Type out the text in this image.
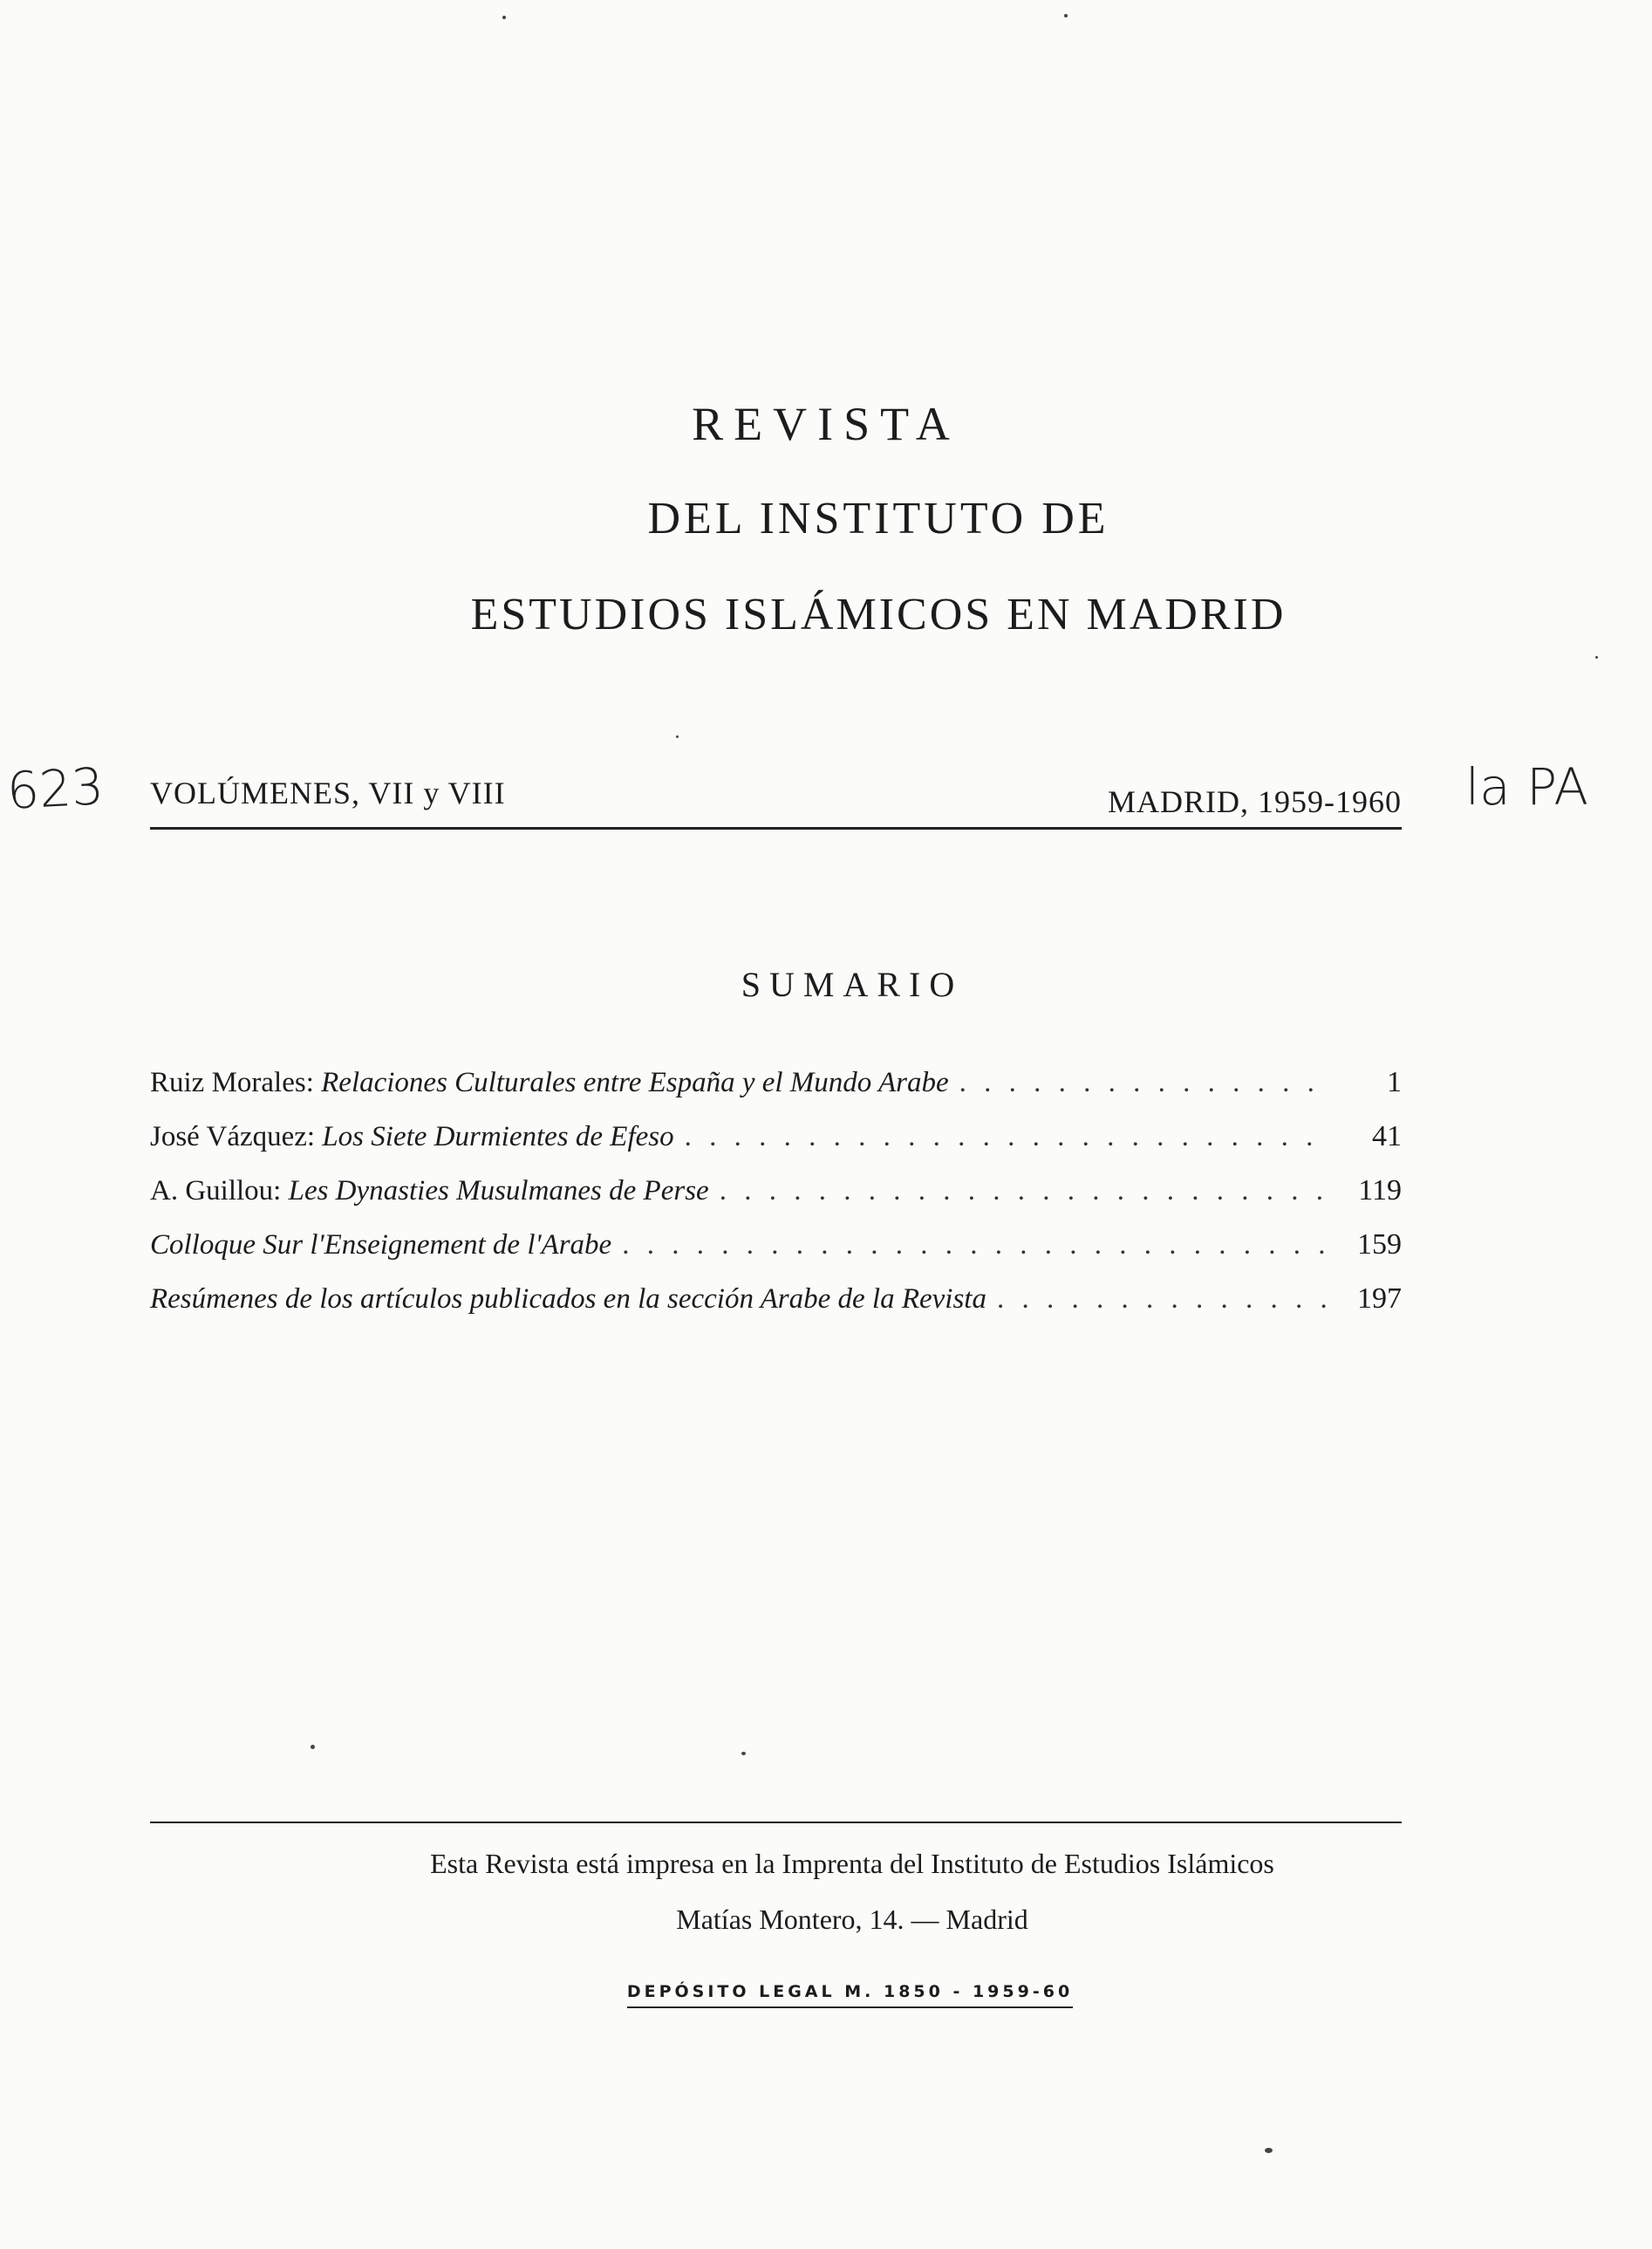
REVISTA
DEL INSTITUTO DE
ESTUDIOS ISLÁMICOS EN MADRID
623	la PA
VOLÚMENES, VII y VIII	MADRID, 1959-1960
SUMARIO
Ruiz Morales: Relaciones Culturales entre España y el Mundo Arabe . . .	1
José Vázquez: Los Siete Durmientes de Efeso . . .	41
A. Guillou: Les Dynasties Musulmanes de Perse . . .	119
Colloque Sur l'Enseignement de l'Arabe . . .	159
Resúmenes de los artículos publicados en la sección Arabe de la Revista . . .	197
Esta Revista está impresa en la Imprenta del Instituto de Estudios Islámicos
Matías Montero, 14. — Madrid
DEPÓSITO LEGAL M. 1850 - 1959-60
